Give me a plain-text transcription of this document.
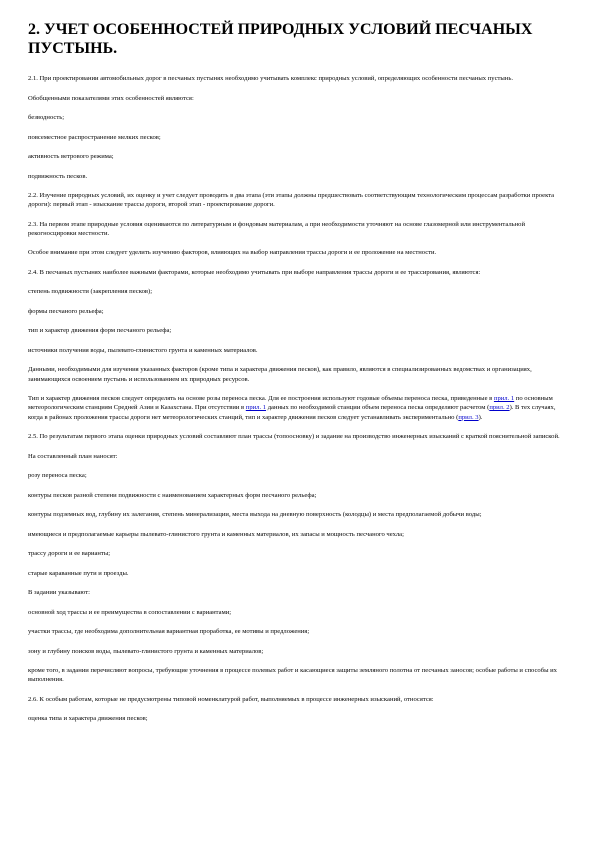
2. УЧЕТ ОСОБЕННОСТЕЙ ПРИРОДНЫХ УСЛОВИЙ ПЕСЧАНЫХ ПУСТЫНЬ.

2.1. При проектировании автомобильных дорог в песчаных пустынях необходимо учитывать комплекс природных условий, определяющих особенности песчаных пустынь.

Обобщенными показателями этих особенностей являются:

безводность;

повсеместное распространение мелких песков;

активность ветрового режима;

подвижность песков.

2.2. Изучение природных условий, их оценку и учет следует проводить в два этапа (эти этапы должны предшествовать соответствующим технологическим процессам разработки проекта дороги): первый этап - изыскание трассы дороги, второй этап - проектирование дороги.

2.3. На первом этапе природные условия оцениваются по литературным и фондовым материалам, а при необходимости уточняют на основе глазомерной или инструментальной рекогносцировки местности.

Особое внимание при этом следует уделить изучению факторов, влияющих на выбор направления трассы дороги и ее проложение на местности.

2.4. В песчаных пустынях наиболее важными факторами, которые необходимо учитывать при выборе направления трассы дороги и ее трассирования, являются:

степень подвижности (закрепления песков);

формы песчаного рельефа;

тип и характер движения форм песчаного рельефа;

источники получения воды, пылевато-глинистого грунта и каменных материалов.

Данными, необходимыми для изучения указанных факторов (кроме типа и характера движения песков), как правило, являются в специализированных ведомствах и организациях, занимающихся освоением пустынь и использованием их природных ресурсов.

Тип и характер движения песков следует определять на основе розы переноса песка. Для ее построения используют годовые объемы переноса песка, приведенные в прил. 1 по основным метеорологическим станциям Средней Азии и Казахстана. При отсутствии в прил. 1 данных по необходимой станции объем переноса песка определяют расчетом (прил. 2). В тех случаях, когда в районах проложения трассы дороги нет метеорологических станций, тип и характер движения песков следует устанавливать экспериментально (прил. 3).

2.5. По результатам первого этапа оценки природных условий составляют план трассы (топоосновку) и задание на производство инженерных изысканий с краткой пояснительной запиской.

На составленный план наносят:

розу переноса песка;

контуры песков разной степени подвижности с наименованием характерных форм песчаного рельефа;

контуры подземных вод, глубину их залегания, степень минерализации, места выхода на дневную поверхность (колодцы) и места предполагаемой добычи воды;

имеющиеся и предполагаемые карьеры пылевато-глинистого грунта и каменных материалов, их запасы и мощность песчаного чехла;

трассу дороги и ее варианты;

старые караванные пути и проезды.

В задании указывают:

основной ход трассы и ее преимущества в сопоставлении с вариантами;

участки трассы, где необходима дополнительная вариантная проработка, ее мотивы и предложения;

зону и глубину поисков воды, пылевато-глинистого грунта и каменных материалов;

кроме того, в задании перечисляют вопросы, требующие уточнения в процессе полевых работ и касающиеся защиты земляного полотна от песчаных заносов; особые работы и способы их выполнения.

2.6. К особым работам, которые не предусмотрены типовой номенклатурой работ, выполняемых в процессе инженерных изысканий, относятся:

оценка типа и характера движения песков;
